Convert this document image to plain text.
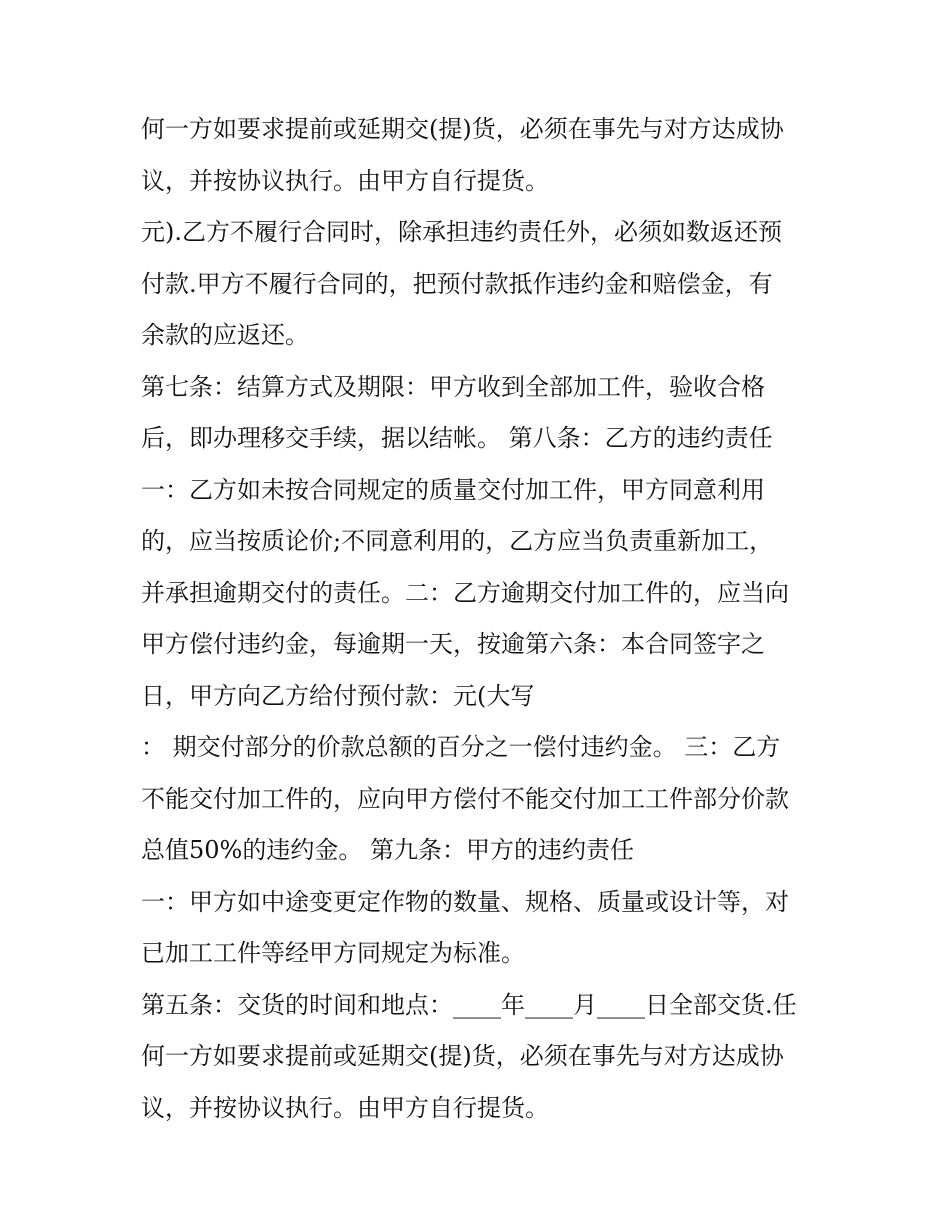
何一方如要求提前或延期交(提)货，必须在事先与对方达成协
议，并按协议执行。由甲方自行提货。
元).乙方不履行合同时，除承担违约责任外，必须如数返还预
付款.甲方不履行合同的，把预付款抵作违约金和赔偿金，有
余款的应返还。
第七条：结算方式及期限：甲方收到全部加工件，验收合格
后，即办理移交手续，据以结帐。 第八条：乙方的违约责任
一：乙方如未按合同规定的质量交付加工件，甲方同意利用
的，应当按质论价;不同意利用的，乙方应当负责重新加工，
并承担逾期交付的责任。二：乙方逾期交付加工件的，应当向
甲方偿付违约金，每逾期一天，按逾第六条：本合同签字之
日，甲方向乙方给付预付款：元(大写
： 期交付部分的价款总额的百分之一偿付违约金。 三：乙方
不能交付加工件的，应向甲方偿付不能交付加工工件部分价款
总值50%的违约金。 第九条：甲方的违约责任
一：甲方如中途变更定作物的数量、规格、质量或设计等，对
已加工工件等经甲方同规定为标准。
第五条：交货的时间和地点：____年____月____日全部交货.任
何一方如要求提前或延期交(提)货，必须在事先与对方达成协
议，并按协议执行。由甲方自行提货。
